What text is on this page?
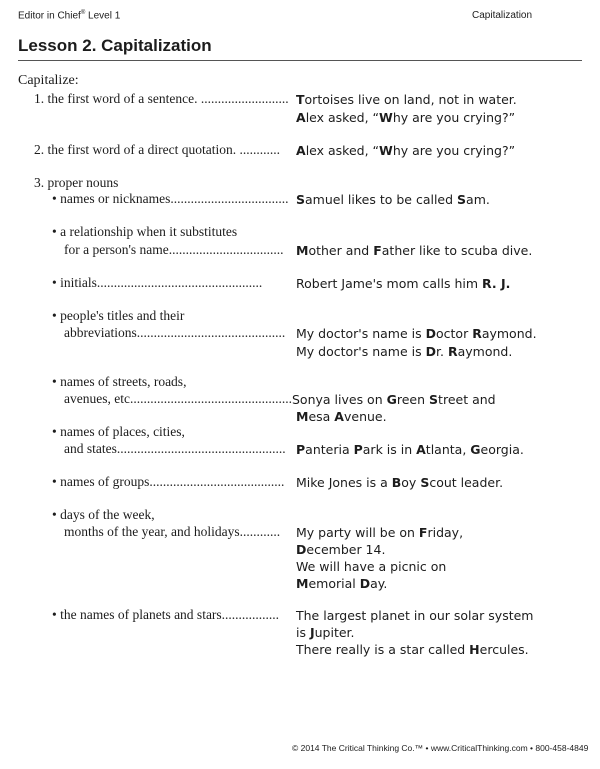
Editor in Chief® Level 1	Capitalization
Lesson 2. Capitalization
Capitalize:
1. the first word of a sentence. ..........................
2. the first word of a direct quotation. ............
3. proper nouns
• names or nicknames...................................
• a relationship when it substitutes
for a person's name..................................
• initials.................................................
• people's titles and their
abbreviations............................................
• names of streets, roads,
avenues, etc................................................
• names of places, cities,
and states..................................................
• names of groups........................................
• days of the week,
months of the year, and holidays............
• the names of planets and stars.................
Tortoises live on land, not in water.
Alex asked, “Why are you crying?”
Alex asked, “Why are you crying?”
Samuel likes to be called Sam.
Mother and Father like to scuba dive.
Robert Jame's mom calls him R. J.
My doctor's name is Doctor Raymond.
My doctor's name is Dr. Raymond.
Sonya lives on Green Street and
Mesa Avenue.
Panteria Park is in Atlanta, Georgia.
Mike Jones is a Boy Scout leader.
My party will be on Friday,
December 14.
We will have a picnic on
Memorial Day.
The largest planet in our solar system
is Jupiter.
There really is a star called Hercules.
© 2014 The Critical Thinking Co.™ • www.CriticalThinking.com • 800-458-4849
